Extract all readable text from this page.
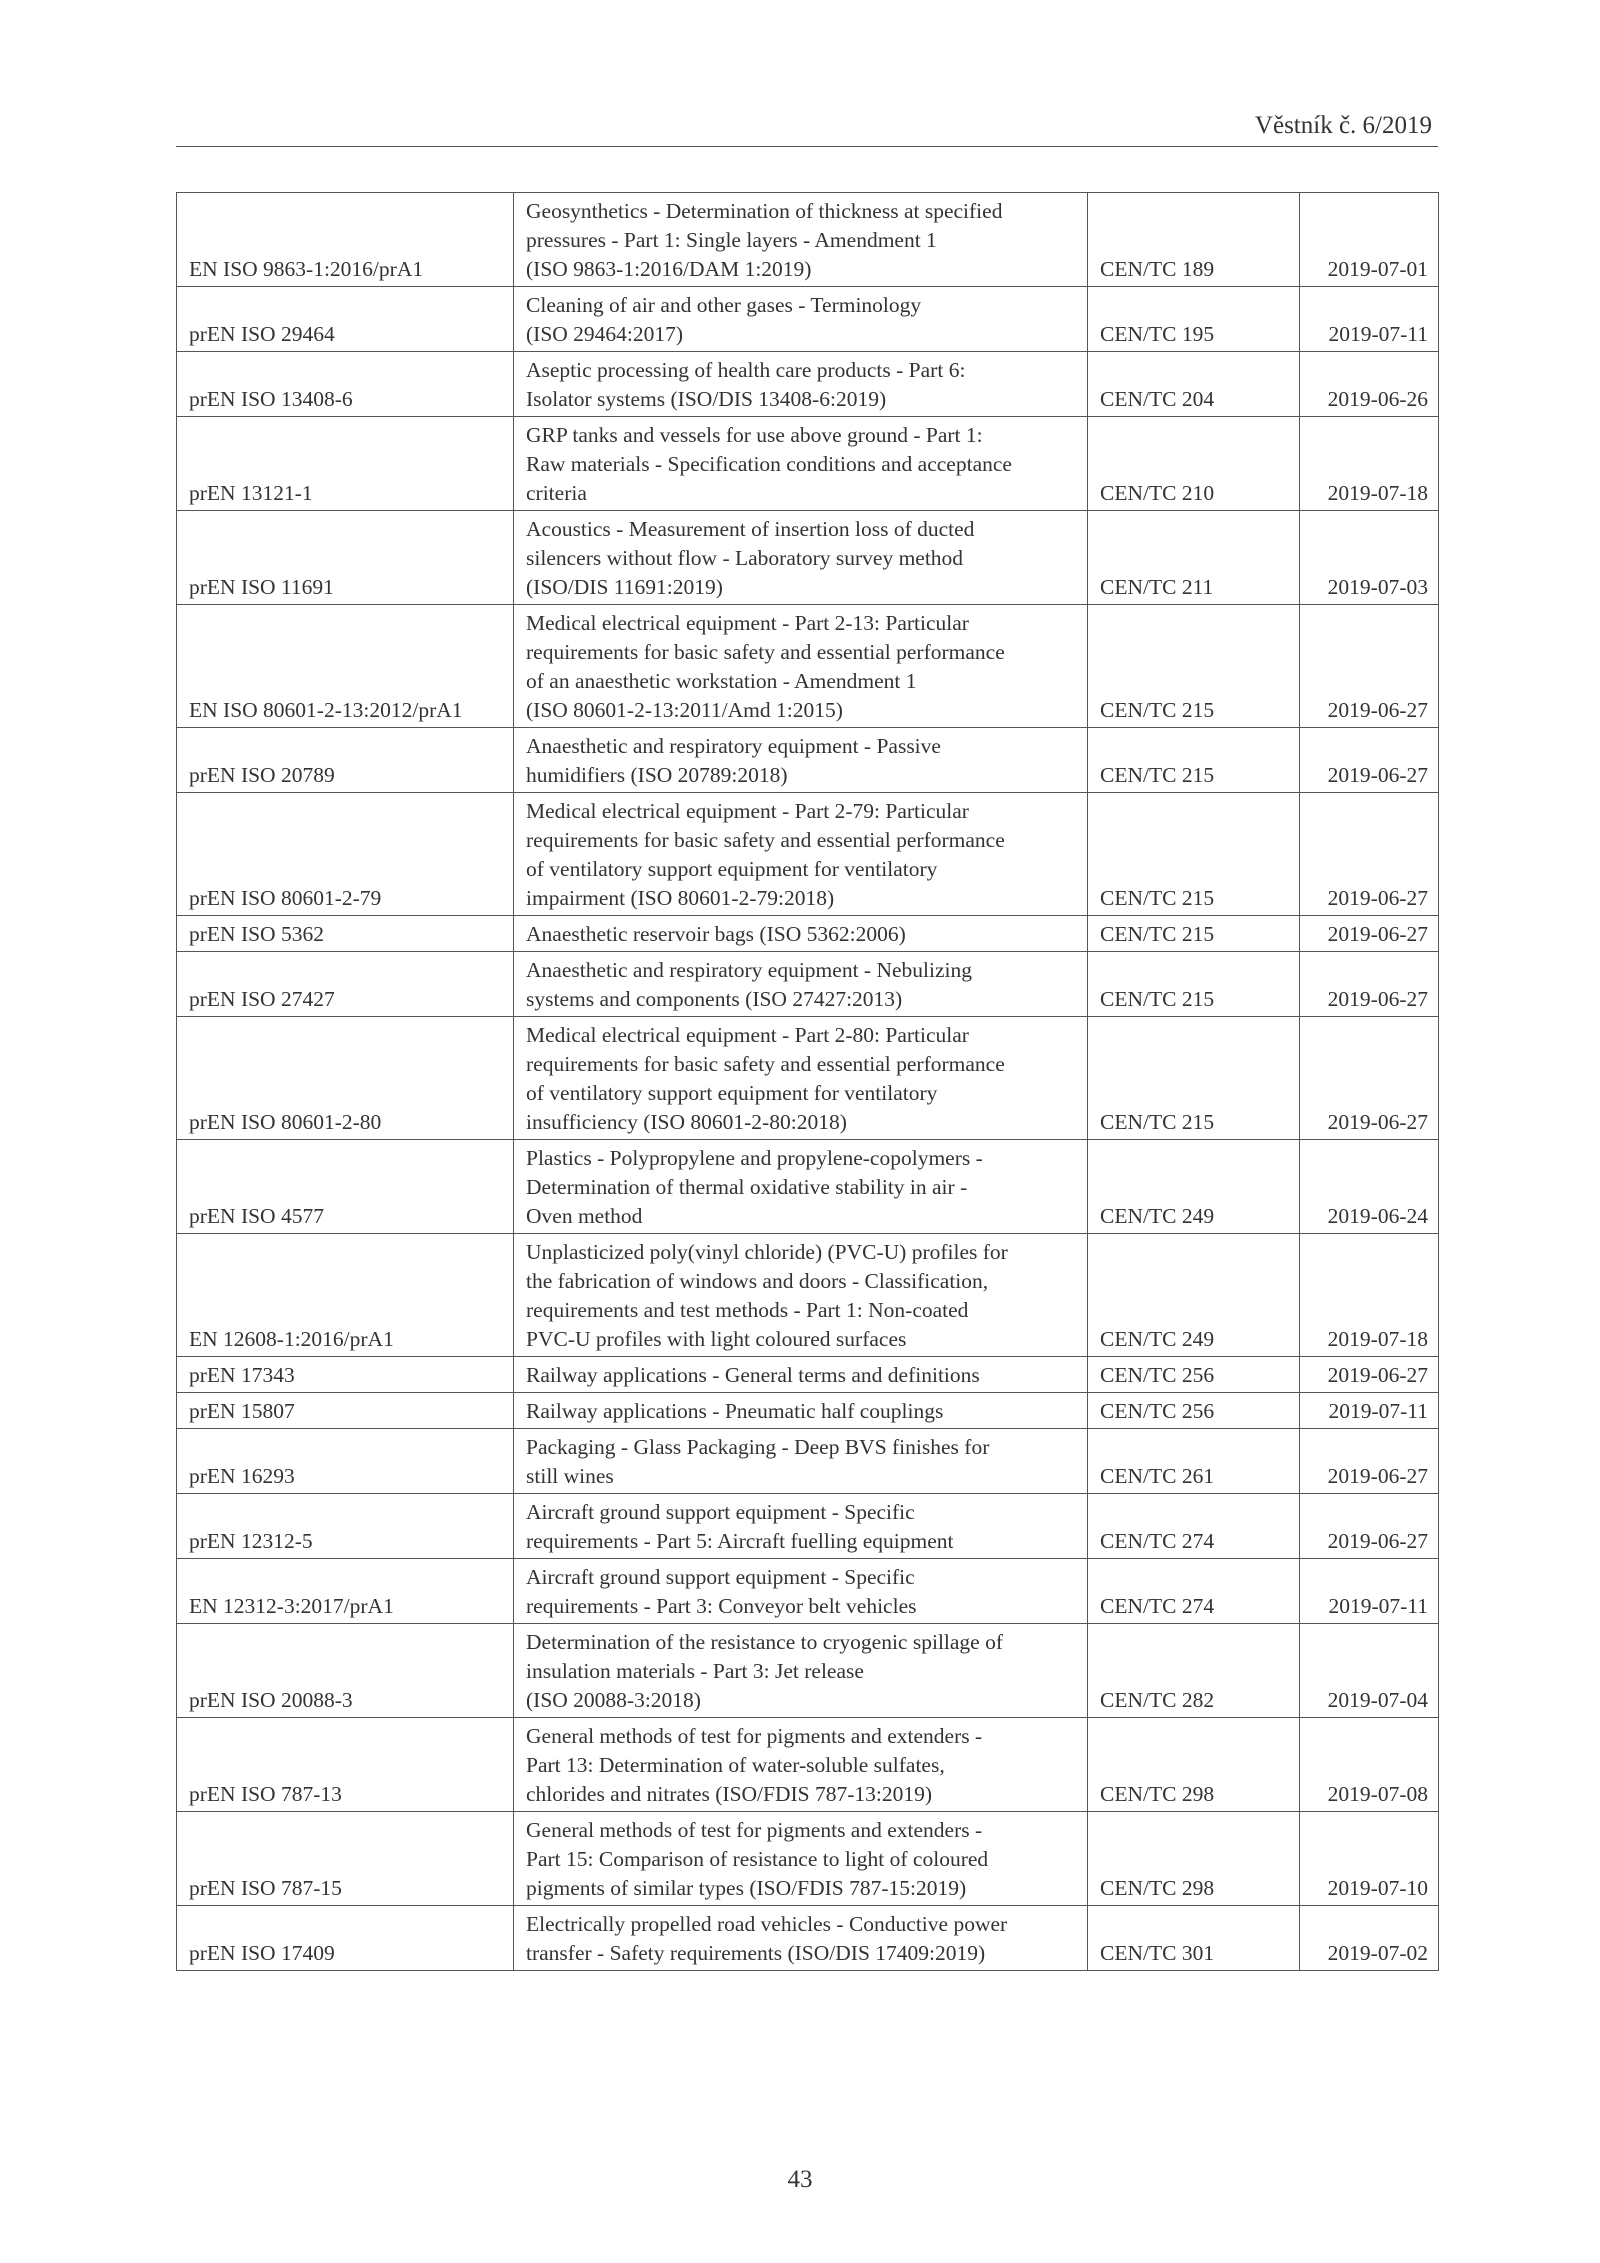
Věstník č. 6/2019
EN ISO 9863-1:2016/prA1	Geosynthetics - Determination of thickness at specified
pressures - Part 1: Single layers - Amendment 1
(ISO 9863-1:2016/DAM 1:2019)	CEN/TC 189	2019-07-01
prEN ISO 29464	Cleaning of air and other gases - Terminology
(ISO 29464:2017)	CEN/TC 195	2019-07-11
prEN ISO 13408-6	Aseptic processing of health care products - Part 6:
Isolator systems (ISO/DIS 13408-6:2019)	CEN/TC 204	2019-06-26
prEN 13121-1	GRP tanks and vessels for use above ground - Part 1:
Raw materials - Specification conditions and acceptance
criteria	CEN/TC 210	2019-07-18
prEN ISO 11691	Acoustics - Measurement of insertion loss of ducted
silencers without flow - Laboratory survey method
(ISO/DIS 11691:2019)	CEN/TC 211	2019-07-03
EN ISO 80601-2-13:2012/prA1	Medical electrical equipment - Part 2-13: Particular
requirements for basic safety and essential performance
of an anaesthetic workstation - Amendment 1
(ISO 80601-2-13:2011/Amd 1:2015)	CEN/TC 215	2019-06-27
prEN ISO 20789	Anaesthetic and respiratory equipment - Passive
humidifiers (ISO 20789:2018)	CEN/TC 215	2019-06-27
prEN ISO 80601-2-79	Medical electrical equipment - Part 2-79: Particular
requirements for basic safety and essential performance
of ventilatory support equipment for ventilatory
impairment (ISO 80601-2-79:2018)	CEN/TC 215	2019-06-27
prEN ISO 5362	Anaesthetic reservoir bags (ISO 5362:2006)	CEN/TC 215	2019-06-27
prEN ISO 27427	Anaesthetic and respiratory equipment - Nebulizing
systems and components (ISO 27427:2013)	CEN/TC 215	2019-06-27
prEN ISO 80601-2-80	Medical electrical equipment - Part 2-80: Particular
requirements for basic safety and essential performance
of ventilatory support equipment for ventilatory
insufficiency (ISO 80601-2-80:2018)	CEN/TC 215	2019-06-27
prEN ISO 4577	Plastics - Polypropylene and propylene-copolymers -
Determination of thermal oxidative stability in air -
Oven method	CEN/TC 249	2019-06-24
EN 12608-1:2016/prA1	Unplasticized poly(vinyl chloride) (PVC-U) profiles for
the fabrication of windows and doors - Classification,
requirements and test methods - Part 1: Non-coated
PVC-U profiles with light coloured surfaces	CEN/TC 249	2019-07-18
prEN 17343	Railway applications - General terms and definitions	CEN/TC 256	2019-06-27
prEN 15807	Railway applications - Pneumatic half couplings	CEN/TC 256	2019-07-11
prEN 16293	Packaging - Glass Packaging - Deep BVS finishes for
still wines	CEN/TC 261	2019-06-27
prEN 12312-5	Aircraft ground support equipment - Specific
requirements - Part 5: Aircraft fuelling equipment	CEN/TC 274	2019-06-27
EN 12312-3:2017/prA1	Aircraft ground support equipment - Specific
requirements - Part 3: Conveyor belt vehicles	CEN/TC 274	2019-07-11
prEN ISO 20088-3	Determination of the resistance to cryogenic spillage of
insulation materials - Part 3: Jet release
(ISO 20088-3:2018)	CEN/TC 282	2019-07-04
prEN ISO 787-13	General methods of test for pigments and extenders -
Part 13: Determination of water-soluble sulfates,
chlorides and nitrates (ISO/FDIS 787-13:2019)	CEN/TC 298	2019-07-08
prEN ISO 787-15	General methods of test for pigments and extenders -
Part 15: Comparison of resistance to light of coloured
pigments of similar types (ISO/FDIS 787-15:2019)	CEN/TC 298	2019-07-10
prEN ISO 17409	Electrically propelled road vehicles - Conductive power
transfer - Safety requirements (ISO/DIS 17409:2019)	CEN/TC 301	2019-07-02
43
